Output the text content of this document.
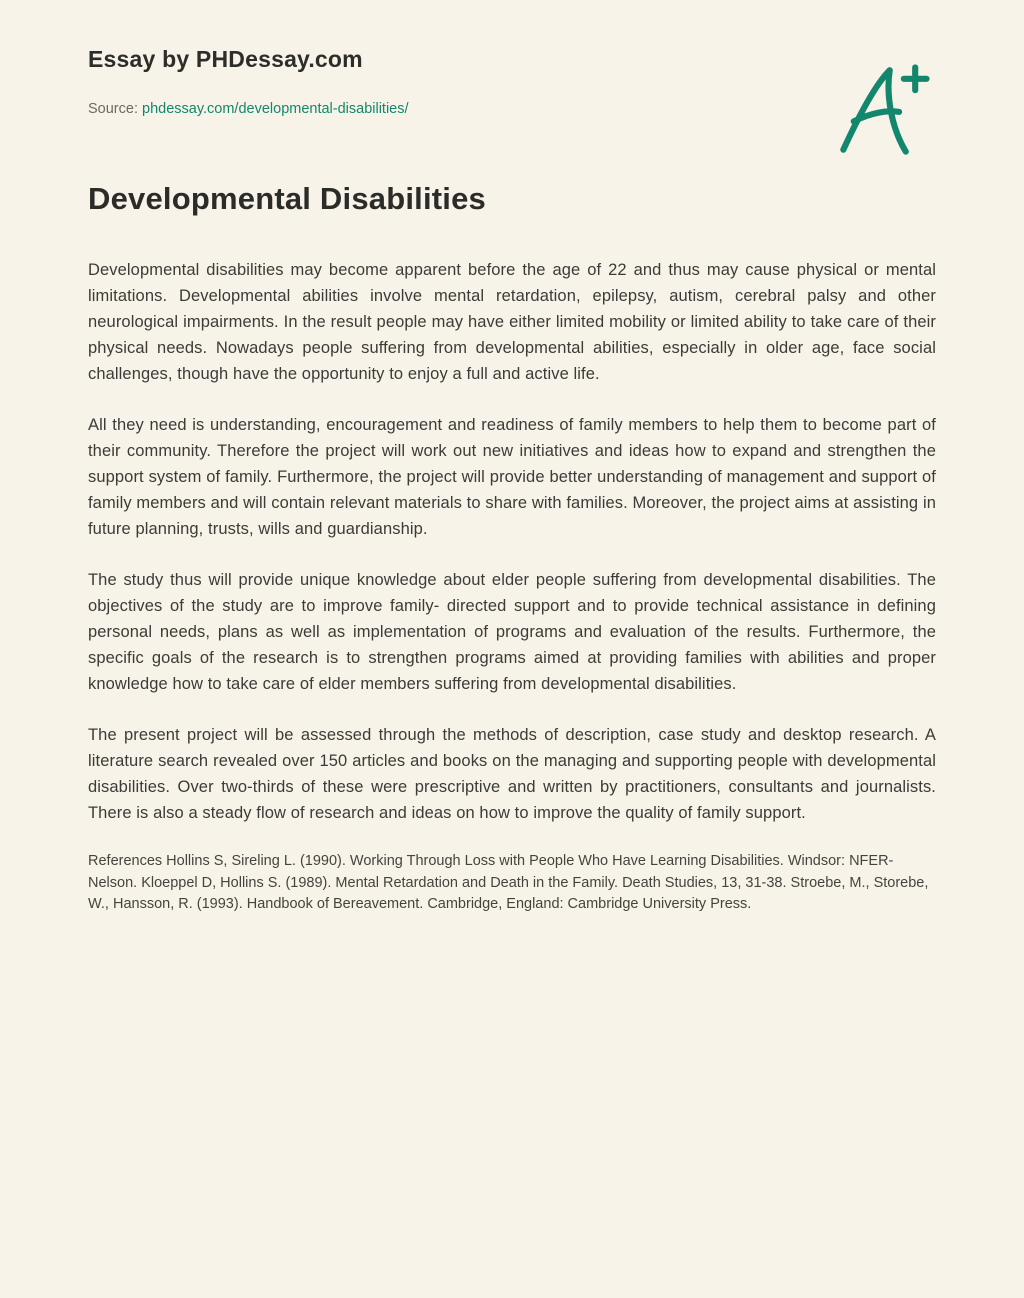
Essay by PHDessay.com
Source: phdessay.com/developmental-disabilities/
Developmental Disabilities

Developmental disabilities may become apparent before the age of 22 and thus may cause physical or mental limitations. Developmental abilities involve mental retardation, epilepsy, autism, cerebral palsy and other neurological impairments. In the result people may have either limited mobility or limited ability to take care of their physical needs. Nowadays people suffering from developmental abilities, especially in older age, face social challenges, though have the opportunity to enjoy a full and active life.

All they need is understanding, encouragement and readiness of family members to help them to become part of their community. Therefore the project will work out new initiatives and ideas how to expand and strengthen the support system of family. Furthermore, the project will provide better understanding of management and support of family members and will contain relevant materials to share with families. Moreover, the project aims at assisting in future planning, trusts, wills and guardianship.

The study thus will provide unique knowledge about elder people suffering from developmental disabilities. The objectives of the study are to improve family- directed support and to provide technical assistance in defining personal needs, plans as well as implementation of programs and evaluation of the results. Furthermore, the specific goals of the research is to strengthen programs aimed at providing families with abilities and proper knowledge how to take care of elder members suffering from developmental disabilities.

The present project will be assessed through the methods of description, case study and desktop research. A literature search revealed over 150 articles and books on the managing and supporting people with developmental disabilities. Over two-thirds of these were prescriptive and written by practitioners, consultants and journalists. There is also a steady flow of research and ideas on how to improve the quality of family support.

References Hollins S, Sireling L. (1990). Working Through Loss with People Who Have Learning Disabilities. Windsor: NFER-Nelson. Kloeppel D, Hollins S. (1989). Mental Retardation and Death in the Family. Death Studies, 13, 31-38. Stroebe, M., Storebe, W., Hansson, R. (1993). Handbook of Bereavement. Cambridge, England: Cambridge University Press.
